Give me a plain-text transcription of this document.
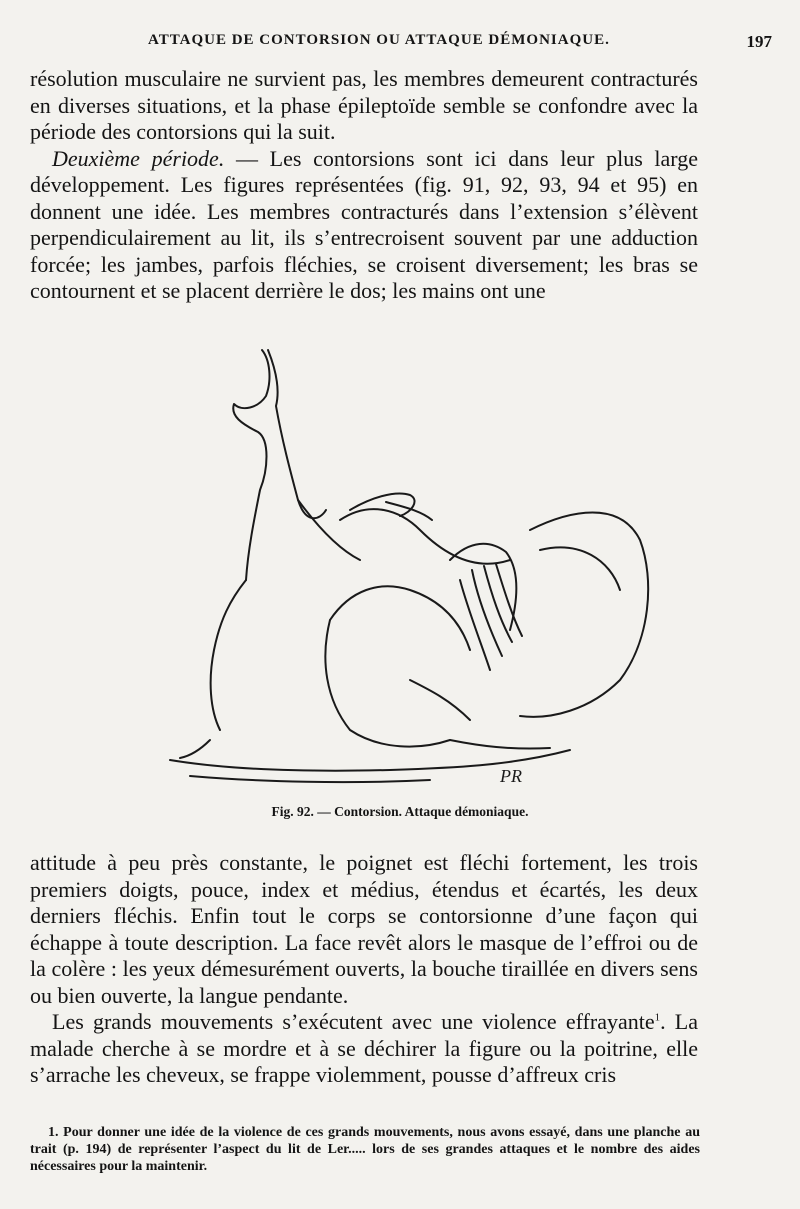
ATTAQUE DE CONTORSION OU ATTAQUE DÉMONIAQUE.	197

résolution musculaire ne survient pas, les membres demeurent contracturés en diverses situations, et la phase épileptoïde semble se confondre avec la période des contorsions qui la suit.

Deuxième période. — Les contorsions sont ici dans leur plus large développement. Les figures représentées (fig. 91, 92, 93, 94 et 95) en donnent une idée. Les membres contracturés dans l’extension s’élèvent perpendiculairement au lit, ils s’entrecroisent souvent par une adduction forcée; les jambes, parfois fléchies, se croisent diversement; les bras se contournent et se placent derrière le dos; les mains ont une

PR
Fig. 92. — Contorsion. Attaque démoniaque.

attitude à peu près constante, le poignet est fléchi fortement, les trois premiers doigts, pouce, index et médius, étendus et écartés, les deux derniers fléchis. Enfin tout le corps se contorsionne d’une façon qui échappe à toute description. La face revêt alors le masque de l’effroi ou de la colère : les yeux démesurément ouverts, la bouche tiraillée en divers sens ou bien ouverte, la langue pendante.

Les grands mouvements s’exécutent avec une violence effrayante$^1$. La malade cherche à se mordre et à se déchirer la figure ou la poitrine, elle s’arrache les cheveux, se frappe violemment, pousse d’affreux cris

1. Pour donner une idée de la violence de ces grands mouvements, nous avons essayé, dans une planche au trait (p. 194) de représenter l’aspect du lit de Ler..... lors de ses grandes attaques et le nombre des aides nécessaires pour la maintenir.
